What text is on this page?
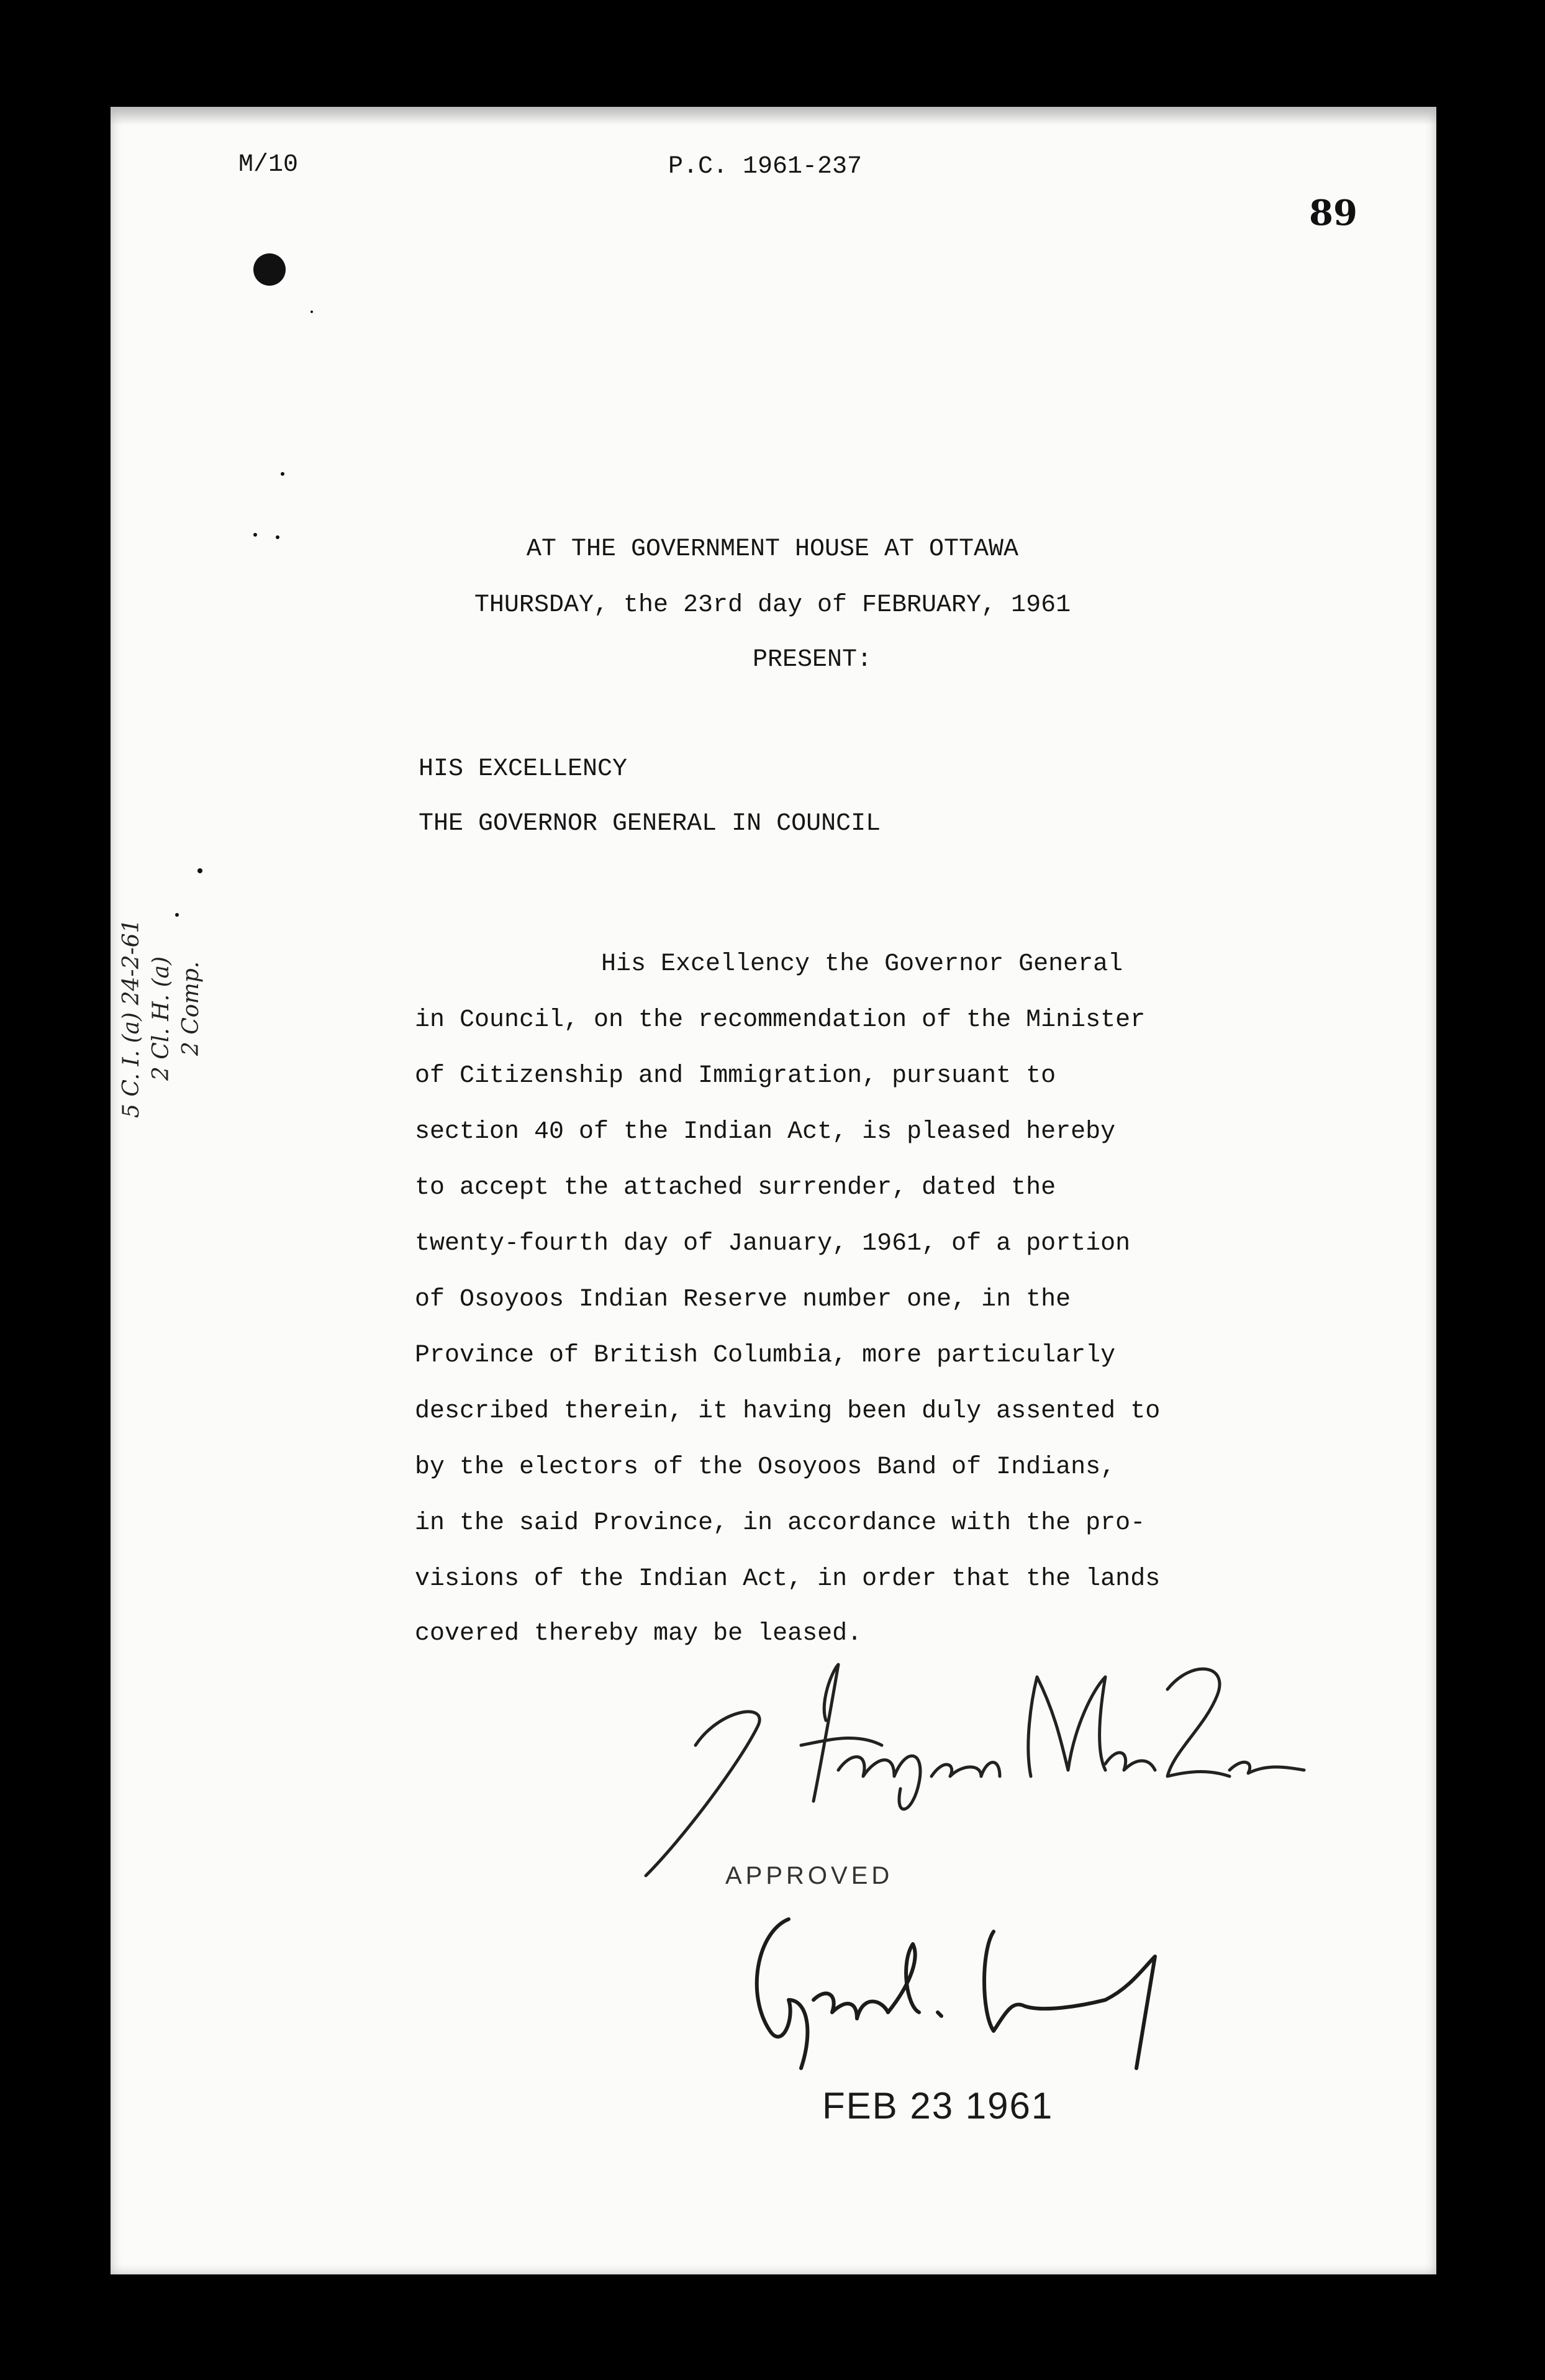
M/10	P.C. 1961-237
89
AT THE GOVERNMENT HOUSE AT OTTAWA
THURSDAY, the 23rd day of FEBRUARY, 1961
PRESENT:
HIS EXCELLENCY
THE GOVERNOR GENERAL IN COUNCIL
His Excellency the Governor General
in Council, on the recommendation of the Minister
of Citizenship and Immigration, pursuant to
section 40 of the Indian Act, is pleased hereby
to accept the attached surrender, dated the
twenty-fourth day of January, 1961, of a portion
of Osoyoos Indian Reserve number one, in the
Province of British Columbia, more particularly
described therein, it having been duly assented to
by the electors of the Osoyoos Band of Indians,
in the said Province, in accordance with the pro-
visions of the Indian Act, in order that the lands
covered thereby may be leased.
5 C. I. (a) 24-2-61 2 Cl. H. (a) 2 Comp.
APPROVED
FEB 23 1961
